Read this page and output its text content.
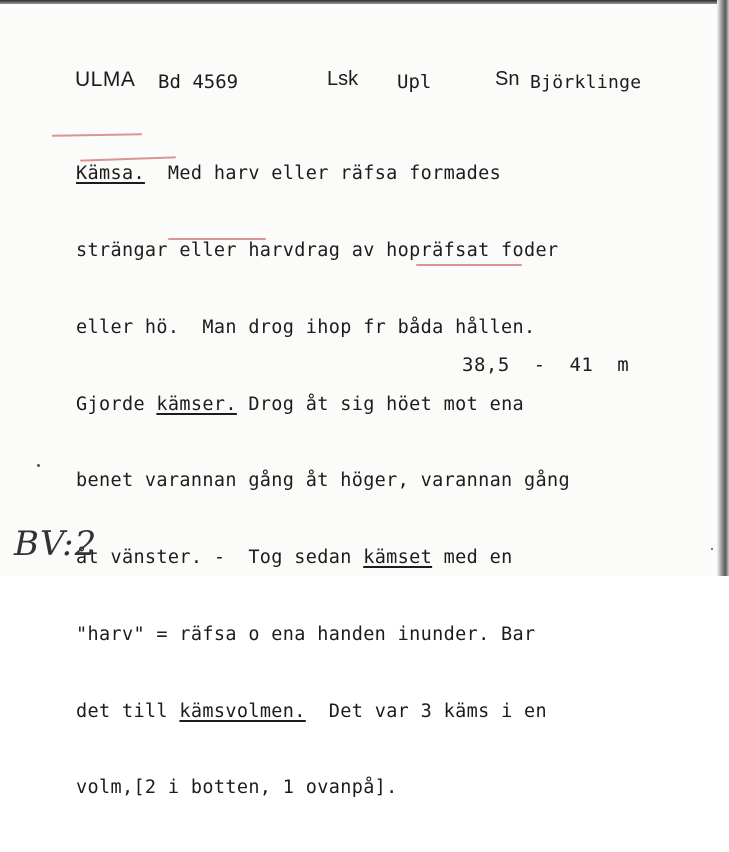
ULMA Bd 4569	Lsk Upl	Sn Björklinge

Kämsa.  Med harv eller räfsa formades

strängar eller harvdrag av hopräfsat foder

eller hö.  Man drog ihop fr båda hållen.

Gjorde kämser. Drog åt sig höet mot ena

benet varannan gång åt höger, varannan gång

åt vänster. -  Tog sedan kämset med en

"harv" = räfsa o ena handen inunder. Bar

det till kämsvolmen.  Det var 3 käms i en

volm,[2 i botten, 1 ovanpå].

38,5  -  41  m
BV:2
